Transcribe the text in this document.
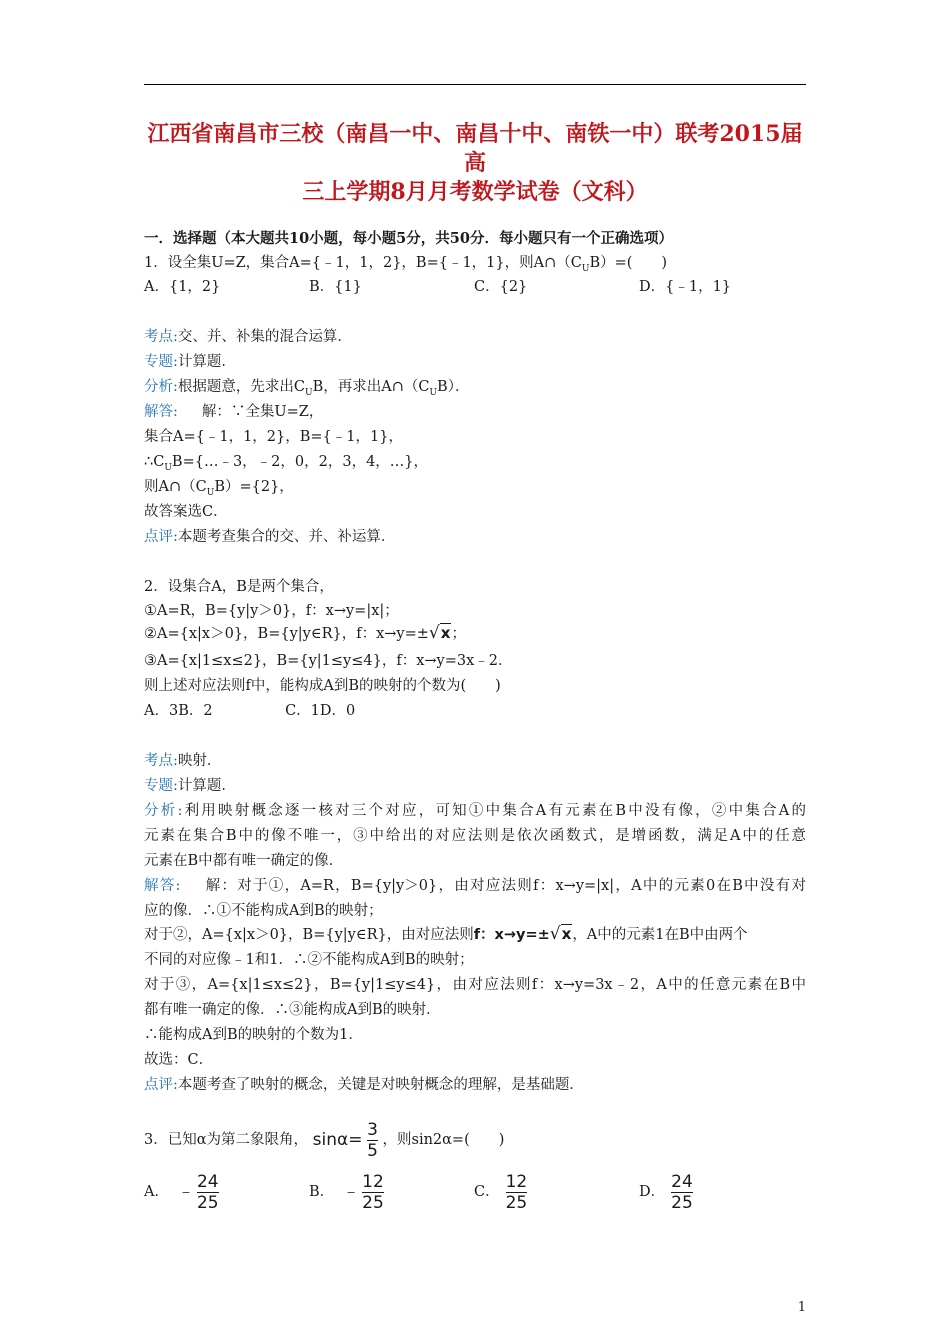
江西省南昌市三校（南昌一中、南昌十中、南铁一中）联考2015届高
三上学期8月月考数学试卷（文科）
一．选择题（本大题共10小题，每小题5分，共50分．每小题只有一个正确选项）
1．设全集U=Z，集合A={﹣1，1，2}，B={﹣1，1}，则$A\cap(C_UB)=$(　　)
A．{1，2}	B．{1}	C．{2}	D．{﹣1，1}
考点:交、并、补集的混合运算．
专题:计算题．
分析:根据题意，先求出$C_UB$，再求出$A\cap(C_UB)$．
解答: 解：∵全集U=Z，
集合A={﹣1，1，2}，B={﹣1，1}，
$\therefore C_UB=\{\dots﹣3$，﹣2，0，2，3，4，…}，
则$A\cap(C_UB)=\{2\}$，
故答案选C．
点评:本题考查集合的交、并、补运算．
2．设集合A，B是两个集合，
①A=R，B={y|y＞0}，f：x→y=|x|；
②A={x|x＞0}，B={y|y∈R}，f：x→y=±√x；
③A={x|1≤x≤2}，B={y|1≤y≤4}，f：x→y=3x﹣2．
则上述对应法则f中，能构成A到B的映射的个数为(　　)
A．3B．2　　　　　C．1D．0
考点:映射．
专题:计算题．
分析:利用映射概念逐一核对三个对应，可知①中集合A有元素在B中没有像，②中集合A的
元素在集合B中的像不唯一，③中给出的对应法则是依次函数式，是增函数，满足A中的任意
元素在B中都有唯一确定的像．
解答: 解：对于①，A=R，B={y|y＞0}，由对应法则f：x→y=|x|，A中的元素0在B中没有对
应的像．∴①不能构成A到B的映射；
对于②，A={x|x＞0}，B={y|y∈R}，由对应法则f：x→y=±√x，A中的元素1在B中由两个
不同的对应像﹣1和1．∴②不能构成A到B的映射；
对于③，A={x|1≤x≤2}，B={y|1≤y≤4}，由对应法则f：x→y=3x﹣2，A中的任意元素在B中
都有唯一确定的像．∴③能构成A到B的映射．
∴能构成A到B的映射的个数为1．
故选：C．
点评:本题考查了映射的概念，关键是对映射概念的理解，是基础题．
3．已知α为第二象限角， $\sin\alpha= \frac{3}{5}$ ，则sin2α=(　　)
A． ﹣ $\frac{24}{25}$	B． ﹣ $\frac{12}{25}$	C． $\frac{12}{25}$	D． $\frac{24}{25}$
1
